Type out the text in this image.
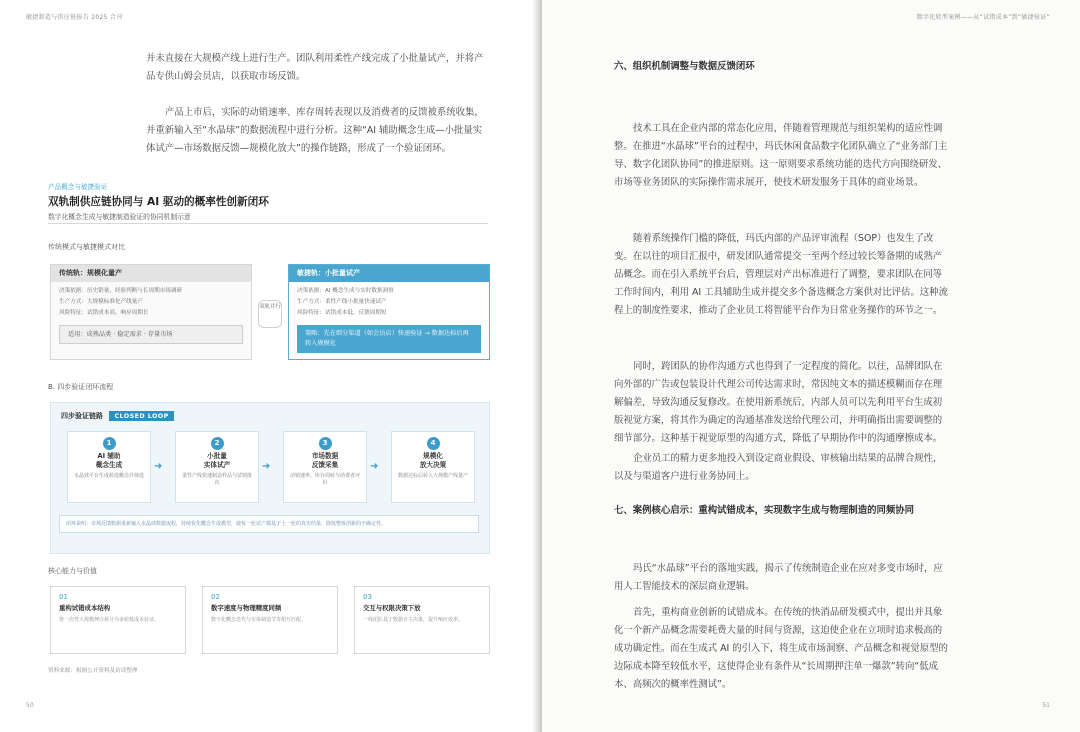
敏捷制造与供应链报告 2025 合刊

并未直接在大规模产线上进行生产。团队利用柔性产线完成了小批量试产，并将产品专供山姆会员店，以获取市场反馈。

产品上市后，实际的动销速率、库存周转表现以及消费者的反馈被系统收集，并重新输入至“水晶球”的数据流程中进行分析。这种“AI 辅助概念生成—小批量实体试产—市场数据反馈—规模化放大”的操作链路，形成了一个验证闭环。

产品概念与敏捷验证
双轨制供应链协同与 AI 驱动的概率性创新闭环
数字化概念生成与敏捷制造验证的协同机制示意
传统模式与敏捷模式对比
传统轨：规模化量产
决策依据：历史销量、经验判断与长周期市场调研
生产方式：大规模标准化产线量产
风险特征：试错成本高，响应周期长
适用：成熟品类 · 稳定需求 · 存量市场
双轨并行
敏捷轨：小批量试产
决策依据：AI 概念生成与实时数据洞察
生产方式：柔性产线小批量快速试产
风险特征：试错成本低，反馈周期短
策略：先在细分渠道（如会员店）快速验证 → 数据达标后再转入规模化
B. 四步验证闭环流程
四步验证链路 CLOSED LOOP
1
AI 辅助
概念生成
水晶球平台生成候选概念并筛选
➜
2
小批量
实体试产
柔性产线快速制造样品与试销批次
➜
3
市场数据
反馈采集
动销速率、库存周转与消费者评价
➜
4
规模化
放大决策
数据达标后转入大规模产线量产
闭环说明：市场反馈数据重新输入水晶球数据流程，持续优化概念生成模型，使每一轮试产都基于上一轮的真实结果，降低整体创新的不确定性。
核心能力与价值
01
重构试错成本结构
将一次性大规模押注拆分为多轮低成本验证。
02
数字速度与物理精度同频
数字化概念迭代与实体制造节奏相互匹配。
03
交互与权限决策下放
一线团队基于数据自主决策，提升响应效率。
资料来源：根据公开资料及访谈整理
50
数字化转型案例——从“试错成本”到“敏捷验证”
六、组织机制调整与数据反馈闭环

技术工具在企业内部的常态化应用，伴随着管理规范与组织架构的适应性调整。在推进“水晶球”平台的过程中，玛氏休闲食品数字化团队确立了“业务部门主导、数字化团队协同”的推进原则。这一原则要求系统功能的迭代方向围绕研发、市场等业务团队的实际操作需求展开，使技术研发服务于具体的商业场景。

随着系统操作门槛的降低，玛氏内部的产品评审流程（SOP）也发生了改变。在以往的项目汇报中，研发团队通常提交一至两个经过较长筹备期的成熟产品概念。而在引入系统平台后，管理层对产出标准进行了调整，要求团队在同等工作时间内，利用 AI 工具辅助生成并提交多个备选概念方案供对比评估。这种流程上的制度性要求，推动了企业员工将智能平台作为日常业务操作的环节之一。

同时，跨团队的协作沟通方式也得到了一定程度的简化。以往，品牌团队在向外部的广告或包装设计代理公司传达需求时，常因纯文本的描述模糊而存在理解偏差，导致沟通反复修改。在使用新系统后，内部人员可以先利用平台生成初版视觉方案，将其作为确定的沟通基准发送给代理公司，并明确指出需要调整的细节部分。这种基于视觉原型的沟通方式，降低了早期协作中的沟通摩擦成本。

企业员工的精力更多地投入到设定商业假设、审核输出结果的品牌合规性，以及与渠道客户进行业务协同上。

七、案例核心启示：重构试错成本，实现数字生成与物理制造的同频协同

玛氏“水晶球”平台的落地实践，揭示了传统制造企业在应对多变市场时，应用人工智能技术的深层商业逻辑。

首先，重构商业创新的试错成本。在传统的快消品研发模式中，提出并具象化一个新产品概念需要耗费大量的时间与资源，这迫使企业在立项时追求极高的成功确定性。而在生成式 AI 的引入下，将生成市场洞察、产品概念和视觉原型的边际成本降至较低水平，这使得企业有条件从“长周期押注单一爆款”转向“低成本、高频次的概率性测试”。

51
